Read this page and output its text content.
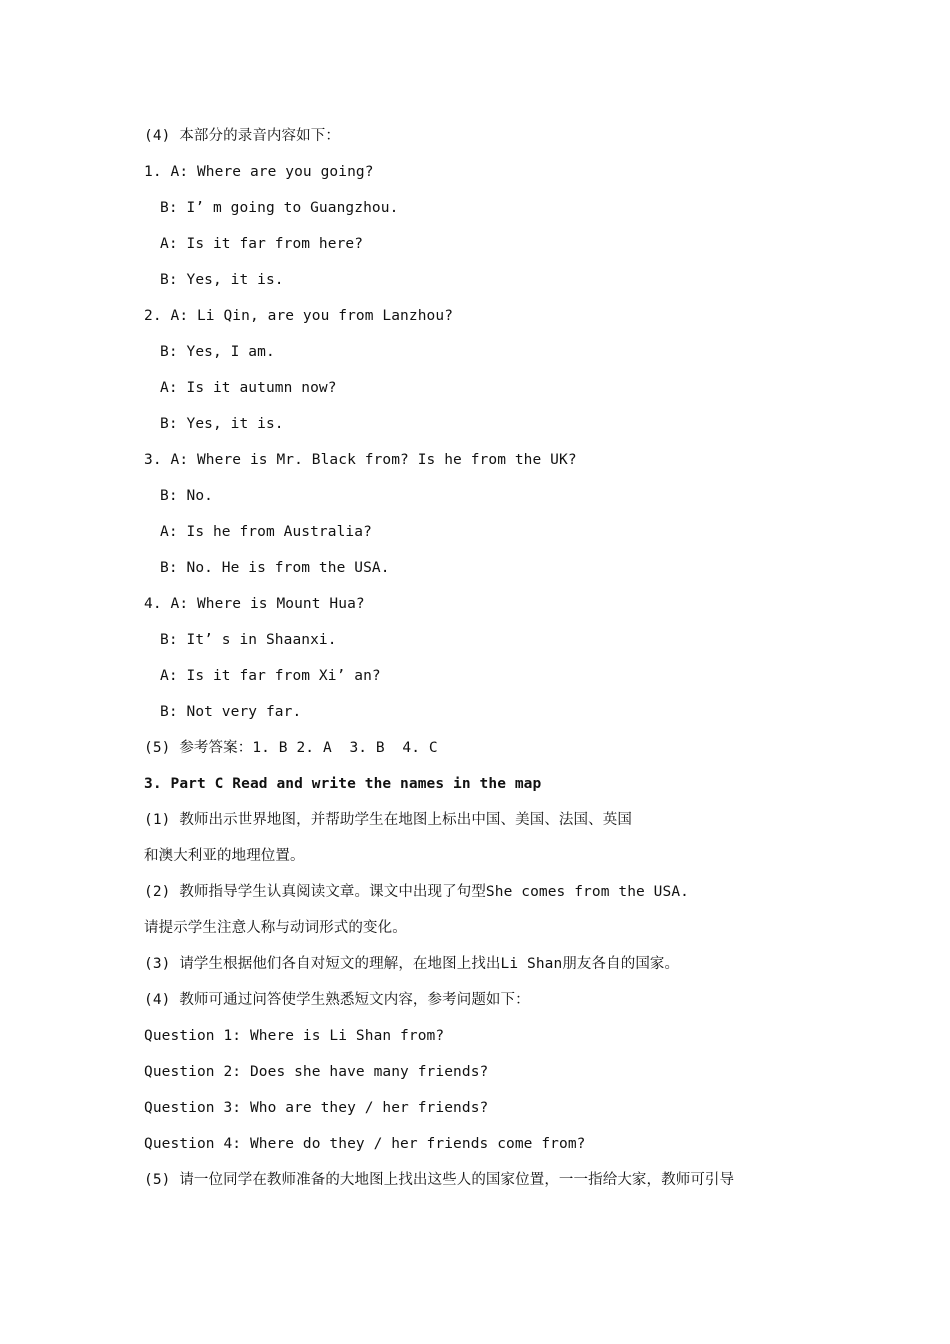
(4) 本部分的录音内容如下：
1. A: Where are you going?
B: I’ m going to Guangzhou.
A: Is it far from here?
B: Yes, it is.
2. A: Li Qin, are you from Lanzhou?
B: Yes, I am.
A: Is it autumn now?
B: Yes, it is.
3. A: Where is Mr. Black from? Is he from the UK?
B: No.
A: Is he from Australia?
B: No. He is from the USA.
4. A: Where is Mount Hua?
B: It’ s in Shaanxi.
A: Is it far from Xi’ an?
B: Not very far.
(5) 参考答案：1. B 2. A  3. B  4. C
3. Part C Read and write the names in the map
(1) 教师出示世界地图，并帮助学生在地图上标出中国、美国、法国、英国
和澳大利亚的地理位置。
(2) 教师指导学生认真阅读文章。课文中出现了句型She comes from the USA.
请提示学生注意人称与动词形式的变化。
(3) 请学生根据他们各自对短文的理解，在地图上找出Li Shan朋友各自的国家。
(4) 教师可通过问答使学生熟悉短文内容，参考问题如下：
Question 1: Where is Li Shan from?
Question 2: Does she have many friends?
Question 3: Who are they / her friends?
Question 4: Where do they / her friends come from?
(5) 请一位同学在教师准备的大地图上找出这些人的国家位置，一一指给大家，教师可引导
